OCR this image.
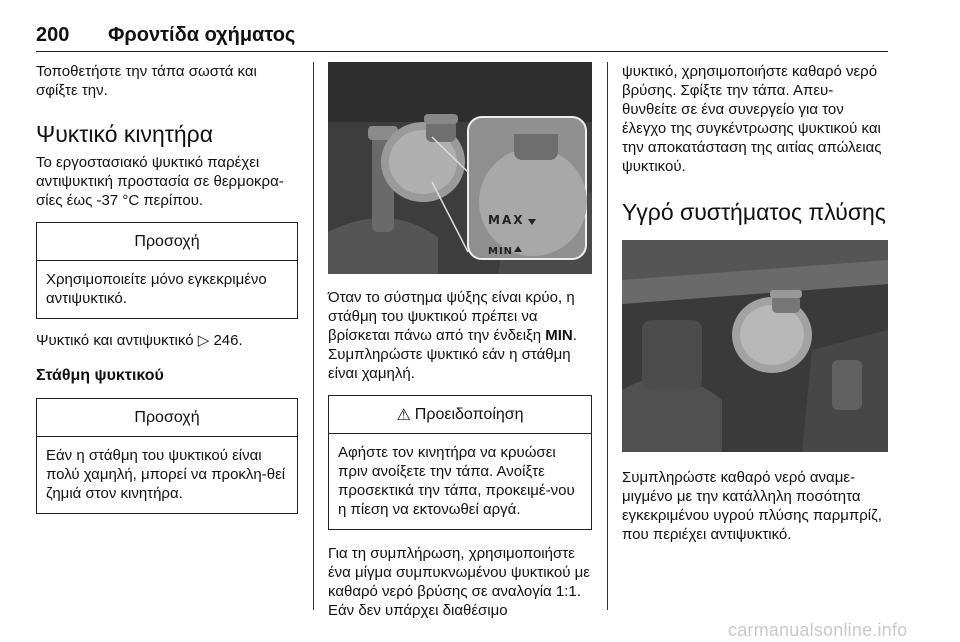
200 Φροντίδα οχήματος

Τοποθετήστε την τάπα σωστά και σφίξτε την.

Ψυκτικό κινητήρα

Το εργοστασιακό ψυκτικό παρέχει αντιψυκτική προστασία σε θερμοκρα-σίες έως -37 °C περίπου.

Προσοχή
Χρησιμοποιείτε μόνο εγκεκριμένο αντιψυκτικό.

Ψυκτικό και αντιψυκτικό ▷ 246.

Στάθμη ψυκτικού
Προσοχή
Εάν η στάθμη του ψυκτικού είναι πολύ χαμηλή, μπορεί να προκλη-θεί ζημιά στον κινητήρα.
MAX
MIN

Όταν το σύστημα ψύξης είναι κρύο, η στάθμη του ψυκτικού πρέπει να βρίσκεται πάνω από την ένδειξη MIN. Συμπληρώστε ψυκτικό εάν η στάθμη είναι χαμηλή.

⚠ Προειδοποίηση
Αφήστε τον κινητήρα να κρυώσει πριν ανοίξετε την τάπα. Ανοίξτε προσεκτικά την τάπα, προκειμέ-νου η πίεση να εκτονωθεί αργά.

Για τη συμπλήρωση, χρησιμοποιήστε ένα μίγμα συμπυκνωμένου ψυκτικού με καθαρό νερό βρύσης σε αναλογία 1:1. Εάν δεν υπάρχει διαθέσιμο

ψυκτικό, χρησιμοποιήστε καθαρό νερό βρύσης. Σφίξτε την τάπα. Απευ-θυνθείτε σε ένα συνεργείο για τον έλεγχο της συγκέντρωσης ψυκτικού και την αποκατάσταση της αιτίας απώλειας ψυκτικού.

Υγρό συστήματος πλύσης

Συμπληρώστε καθαρό νερό αναμε-μιγμένο με την κατάλληλη ποσότητα εγκεκριμένου υγρού πλύσης παρμπρίζ, που περιέχει αντιψυκτικό.

carmanualsonline.info
